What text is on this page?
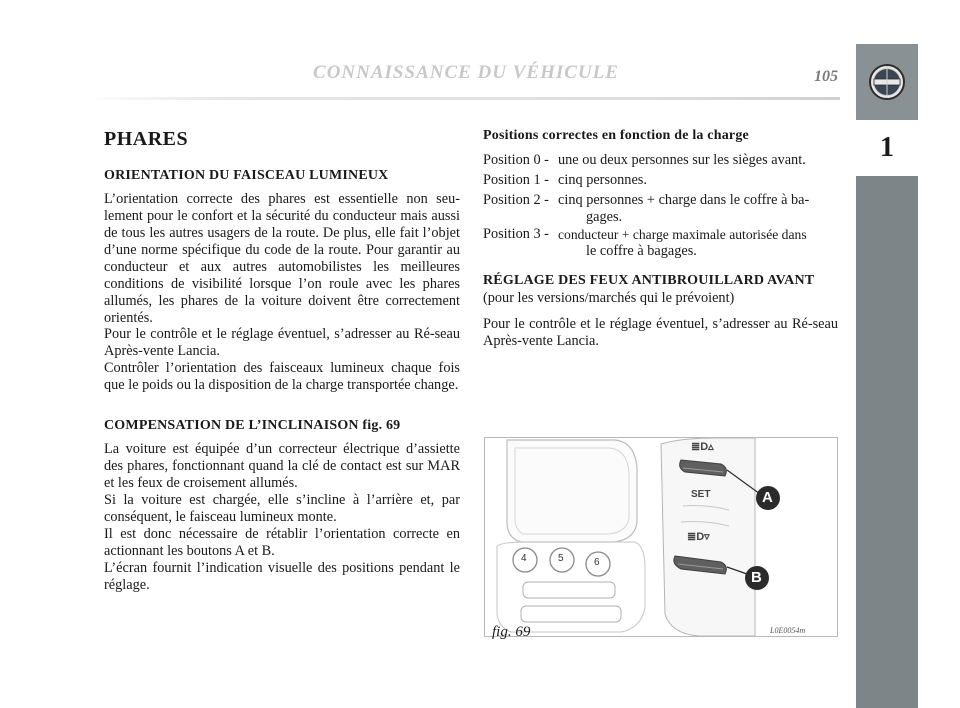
CONNAISSANCE DU VÉHICULE	105
1
PHARES
ORIENTATION DU FAISCEAU LUMINEUX
L’orientation correcte des phares est essentielle non seu-lement pour le confort et la sécurité du conducteur mais aussi de tous les autres usagers de la route. De plus, elle fait l’objet d’une norme spécifique du code de la route. Pour garantir au conducteur et aux autres automobilistes les meilleures conditions de visibilité lorsque l’on roule avec les phares allumés, les phares de la voiture doivent être correctement orientés.
Pour le contrôle et le réglage éventuel, s’adresser au Ré-seau Après-vente Lancia.
Contrôler l’orientation des faisceaux lumineux chaque fois que le poids ou la disposition de la charge transportée change.
COMPENSATION DE L’INCLINAISON fig. 69
La voiture est équipée d’un correcteur électrique d’assiette des phares, fonctionnant quand la clé de contact est sur MAR et les feux de croisement allumés.
Si la voiture est chargée, elle s’incline à l’arrière et, par conséquent, le faisceau lumineux monte.
Il est donc nécessaire de rétablir l’orientation correcte en actionnant les boutons A et B.
L’écran fournit l’indication visuelle des positions pendant le réglage.
Positions correctes en fonction de la charge
Position 0 - une ou deux personnes sur les sièges avant.
Position 1 - cinq personnes.
Position 2 - cinq personnes + charge dans le coffre à ba-
gages.
Position 3 - conducteur + charge maximale autorisée dans
le coffre à bagages.
RÉGLAGE DES FEUX ANTIBROUILLARD AVANT
(pour les versions/marchés qui le prévoient)
Pour le contrôle et le réglage éventuel, s’adresser au Ré-seau Après-vente Lancia.
≣D▵
SET
≣D▿
4	5	6
A
B
fig. 69	L0E0054m
